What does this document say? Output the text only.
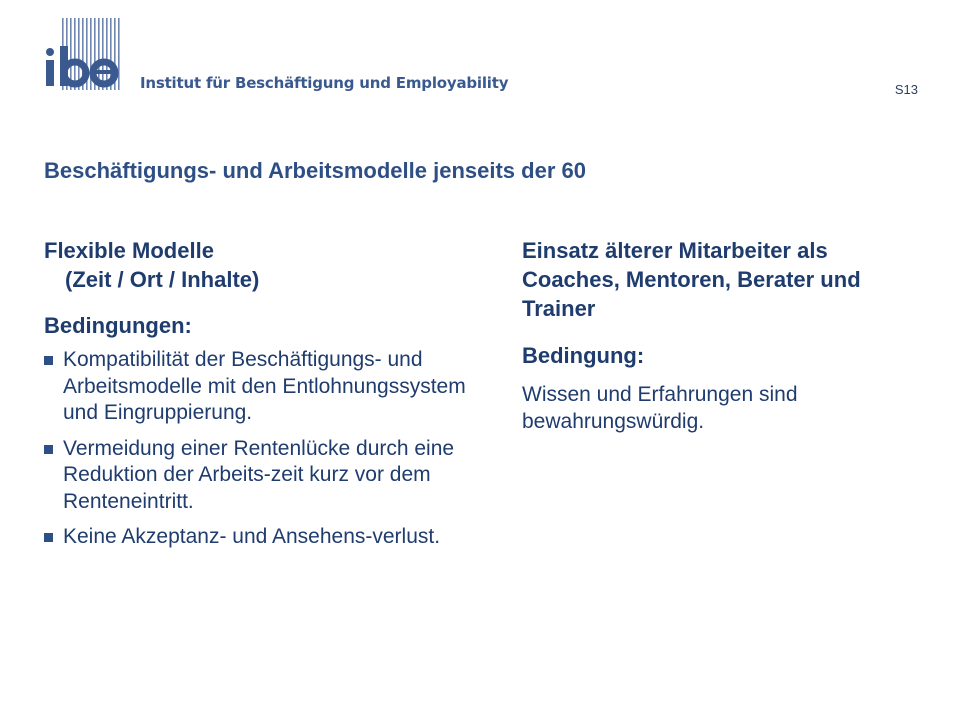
Institut für Beschäftigung und Employability	S13
Beschäftigungs- und Arbeitsmodelle jenseits der 60

Flexible Modelle
(Zeit / Ort / Inhalte)

Bedingungen:

Kompatibilität der Beschäftigungs- und Arbeitsmodelle mit den Entlohnungssystem und Eingruppierung.
Vermeidung einer Rentenlücke durch eine Reduktion der Arbeits-zeit kurz vor dem Renteneintritt.
Keine Akzeptanz- und Ansehens-verlust.

Einsatz älterer Mitarbeiter als Coaches, Mentoren, Berater und Trainer

Bedingung:

Wissen und Erfahrungen sind bewahrungswürdig.
